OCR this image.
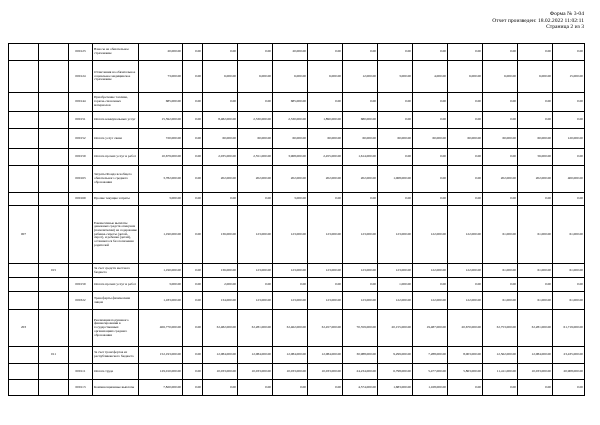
Форма № 3-04
Отчет произведен: 18.02.2022 11:02:11
Страница 2 из 3
		000123	Взносы на обязательное страхование	20,000.00	0.00	0.00	0.00	20,000.00	0.00	0.00	0.00	0.00	0.00	0.00	0.00	0.00
		000124	Отчисления на обязательное социальное медицинское страхование	73,000.00	0.00	6,000.00	6,000.00	6,000.00	6,000.00	12,000.00	3,000.00	4,000.00	6,000.00	6,000.00	6,000.00	15,000.00
		000144	Приобретение топлива, горюче-смазочных материалов	685,000.00	0.00	0.00	0.00	685,000.00	0.00	0.00	0.00	0.00	0.00	0.00	0.00	0.00
		000151	Оплата коммунальных услуг	15,592,000.00	0.00	8,482,000.00	2,330,000.00	2,330,000.00	1,890,000.00	680,000.00	0.00	0.00	0.00	0.00	0.00	0.00
		000152	Оплата услуг связи	720,000.00	0.00	60,000.00	60,000.00	60,000.00	60,000.00	60,000.00	60,000.00	60,000.00	60,000.00	60,000.00	60,000.00	120,000.00
		000159	Оплата прочих услуг и работ	10,679,000.00	0.00	2,035,000.00	2,551,000.00	3,968,000.00	2,455,000.00	1,614,000.00	0.00	0.00	0.00	0.00	56,000.00	0.00
		000163	Затраты Фонда всеобщего обязательного среднего образования	3,782,000.00	0.00	202,000.00	202,000.00	202,000.00	202,000.00	202,000.00	1,068,000.00	0.00	0.00	202,000.00	202,000.00	400,000.00
		000169	Прочие текущие затраты	3,000.00	0.00	0.00	0.00	3,000.00	0.00	0.00	0.00	0.00	0.00	0.00	0.00	0.00
007			Ежемесячные выплаты денежных средств опекунам (попечителям) на содержание ребенка-сироты (детей-сирот), и ребенка (детей), оставшегося без попечения родителей	1,190,000.00	0.00	136,000.00	123,000.00	123,000.00	123,000.00	123,000.00	123,000.00	122,000.00	122,000.00	61,000.00	61,000.00	61,000.00
	015		За счет средств местного бюджета	1,190,000.00	0.00	136,000.00	123,000.00	123,000.00	123,000.00	123,000.00	123,000.00	122,000.00	122,000.00	61,000.00	61,000.00	61,000.00
		000159	Оплата прочих услуг и работ	3,000.00	0.00	2,000.00	0.00	0.00	0.00	0.00	1,000.00	0.00	0.00	0.00	0.00	0.00
		000322	Трансферты физическим лицам	1,183,000.00	0.00	134,000.00	123,000.00	123,000.00	123,000.00	123,000.00	122,000.00	122,000.00	122,000.00	61,000.00	61,000.00	61,000.00
203			Реализация подушевого финансирования в государственных организациях среднего образования	406,770,000.00	0.00	32,482,000.00	32,281,000.00	32,462,000.00	32,457,000.00	70,359,000.00	20,155,000.00	19,487,000.00	20,670,000.00	32,753,000.00	32,281,000.00	61,719,000.00
	011		За счет трансфертов из республиканского бюджета	152,193,000.00	0.00	12,084,000.00	12,084,000.00	12,084,000.00	12,084,000.00	30,988,000.00	9,299,000.00	7,288,000.00	8,003,000.00	12,562,000.00	12,084,000.00	23,435,000.00
		000111	Оплата труда	129,010,000.00	0.00	10,033,000.00	10,033,000.00	10,033,000.00	10,033,000.00	24,234,000.00	6,798,000.00	5,477,000.00	5,863,000.00	11,411,000.00	10,033,000.00	20,908,000.00
		000113	Компенсационные выплаты	7,820,000.00	0.00	0.00	0.00	0.00	0.00	4,574,000.00	1,683,000.00	1,168,000.00	0.00	0.00	0.00	0.00
